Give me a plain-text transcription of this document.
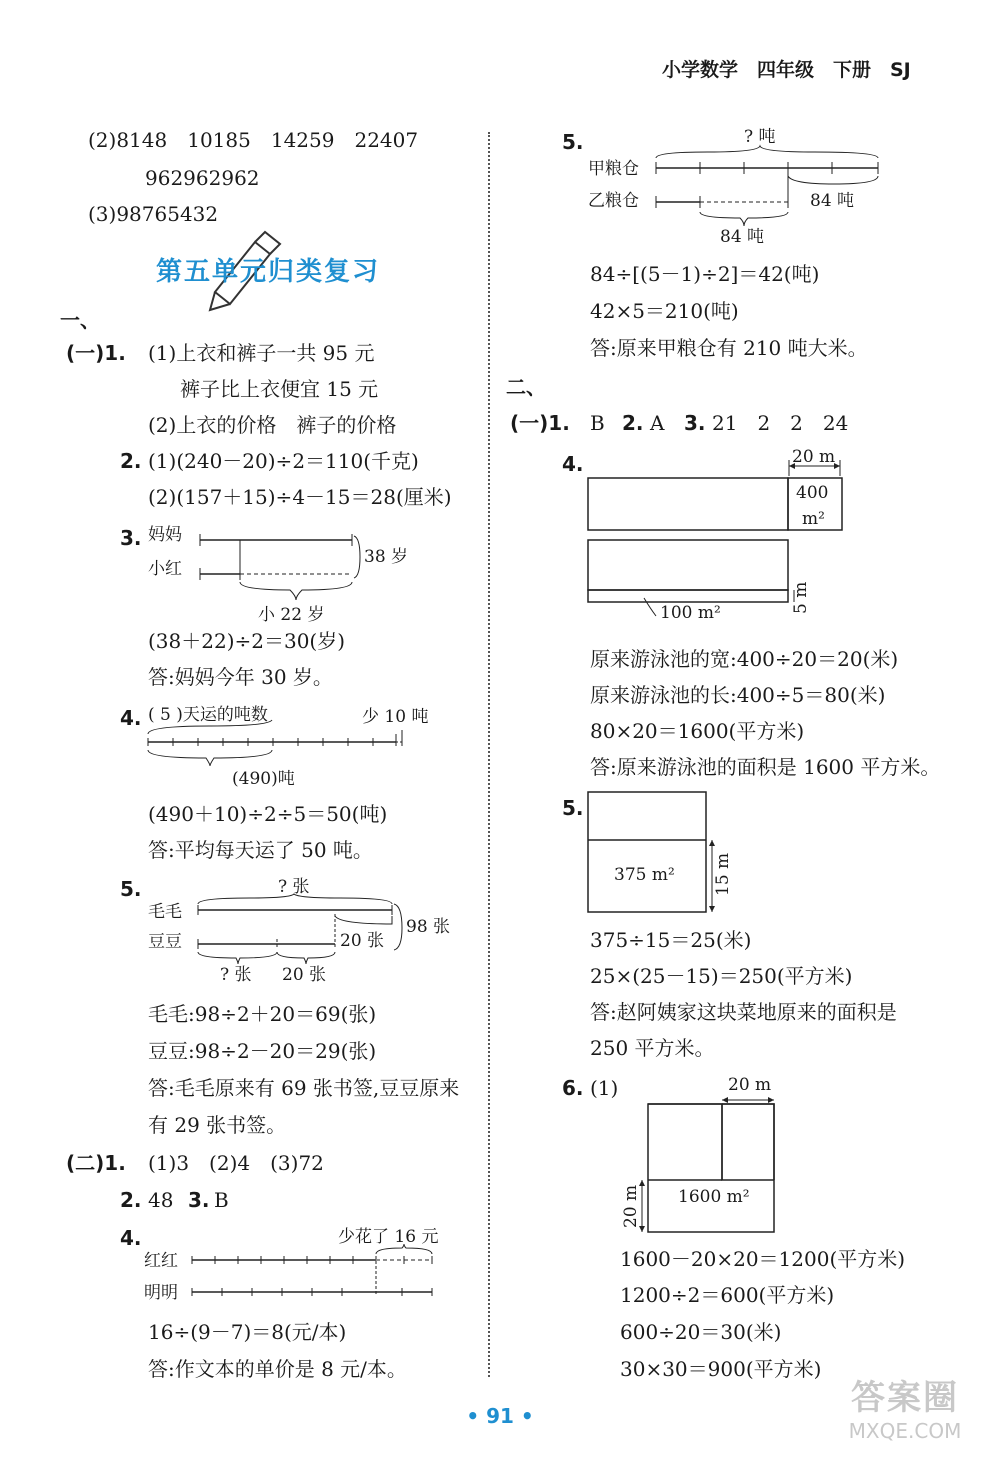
小学数学　四年级　下册　SJ
(2)8148　10185　14259　22407
962962962
(3)98765432
第五单元归类复习
一、
(一)1. (1)上衣和裤子一共 95 元
裤子比上衣便宜 15 元
(2)上衣的价格　裤子的价格
2. (1)(240－20)÷2＝110(千克)
(2)(157＋15)÷4－15＝28(厘米)
3. 妈妈
小红
38 岁
小 22 岁
(38＋22)÷2＝30(岁)
答:妈妈今年 30 岁。
4. ( 5 )天运的吨数	少 10 吨
(490)吨
(490＋10)÷2÷5＝50(吨)
答:平均每天运了 50 吨。
5.	? 张
毛毛
豆豆	20 张
98 张
? 张 20 张
毛毛:98÷2＋20＝69(张)
豆豆:98÷2－20＝29(张)
答:毛毛原来有 69 张书签,豆豆原来
有 29 张书签。
(二)1. (1)3　(2)4　(3)72
2. 48 3. B
4.	少花了 16 元
红红
明明
16÷(9－7)＝8(元/本)
答:作文本的单价是 8 元/本。
5.	? 吨
甲粮仓
乙粮仓	84 吨
84 吨
84÷[(5－1)÷2]＝42(吨)
42×5＝210(吨)
答:原来甲粮仓有 210 吨大米。
二、
(一)1. B 2. A 3. 21　2　2　24
4.	20 m
400
m²
5 m
100 m²
原来游泳池的宽:400÷20＝20(米)
原来游泳池的长:400÷5＝80(米)
80×20＝1600(平方米)
答:原来游泳池的面积是 1600 平方米。
5.
375 m² 15 m
375÷15＝25(米)
25×(25－15)＝250(平方米)
答:赵阿姨家这块菜地原来的面积是
250 平方米。
6. (1)	20 m
1600 m²
20 m
1600－20×20＝1200(平方米)
1200÷2＝600(平方米)
600÷20＝30(米)
30×30＝900(平方米)
• 91 •	答案圈
MXQE.COM
